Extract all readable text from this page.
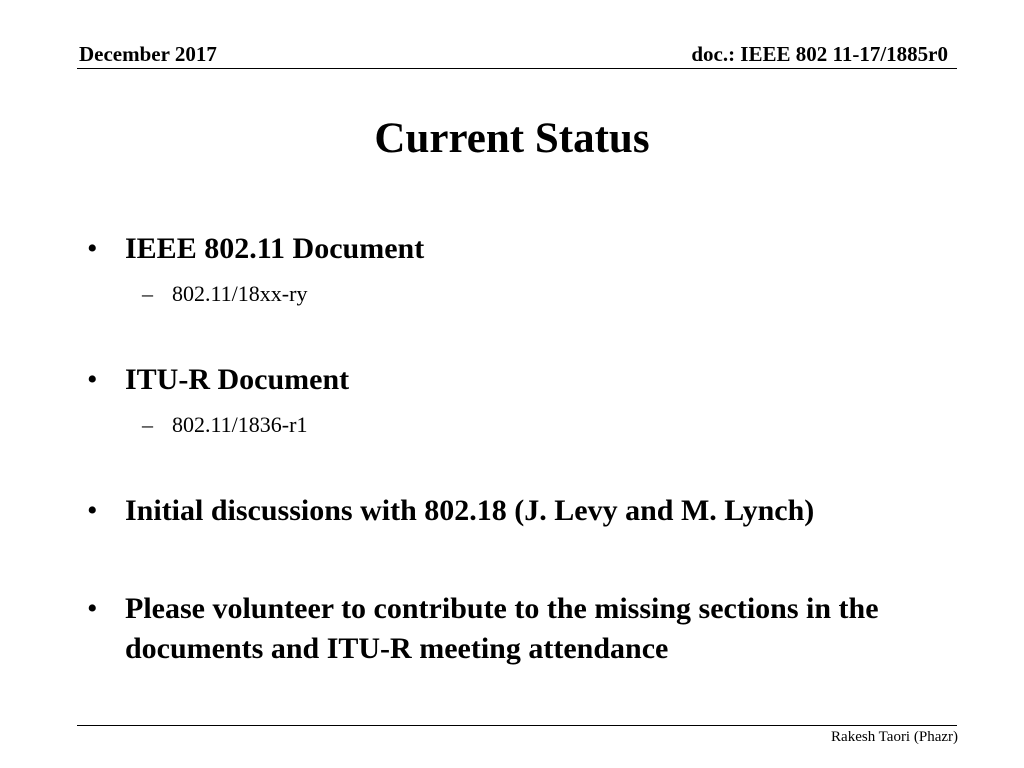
December 2017	doc.: IEEE 802 11-17/1885r0
Current Status
• IEEE 802.11 Document
– 802.11/18xx-ry
• ITU-R Document
– 802.11/1836-r1
• Initial discussions with 802.18 (J. Levy and M. Lynch)
• Please volunteer to contribute to the missing sections in the documents and ITU-R meeting attendance
Rakesh Taori (Phazr)
